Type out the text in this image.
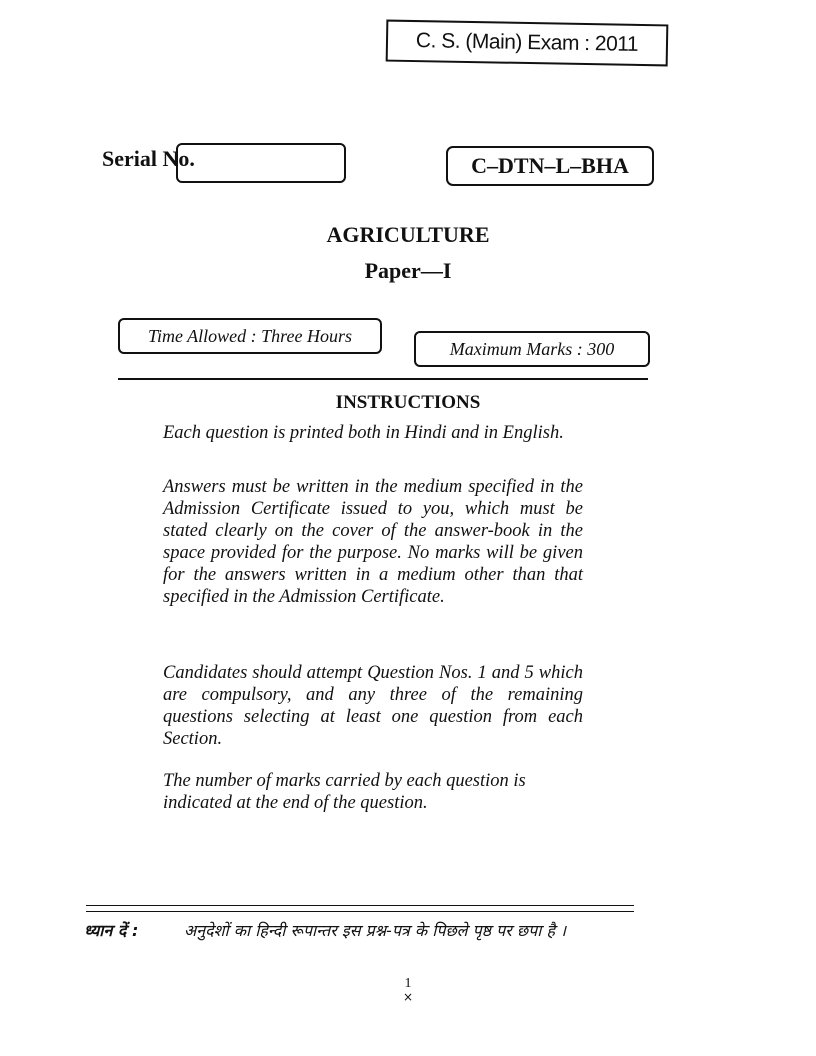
C. S. (Main) Exam : 2011
Serial No.	C–DTN–L–BHA
AGRICULTURE
Paper—I
Time Allowed : Three Hours
Maximum Marks : 300
INSTRUCTIONS
Each question is printed both in Hindi and in English.
Answers must be written in the medium specified in the Admission Certificate issued to you, which must be stated clearly on the cover of the answer-book in the space provided for the purpose. No marks will be given for the answers written in a medium other than that specified in the Admission Certificate.
Candidates should attempt Question Nos. 1 and 5 which are compulsory, and any three of the remaining questions selecting at least one question from each Section.
The number of marks carried by each question is indicated at the end of the question.
ध्यान दें :	अनुदेशों का हिन्दी रूपान्तर इस प्रश्न-पत्र के पिछले पृष्ठ पर छपा है ।
1
×
